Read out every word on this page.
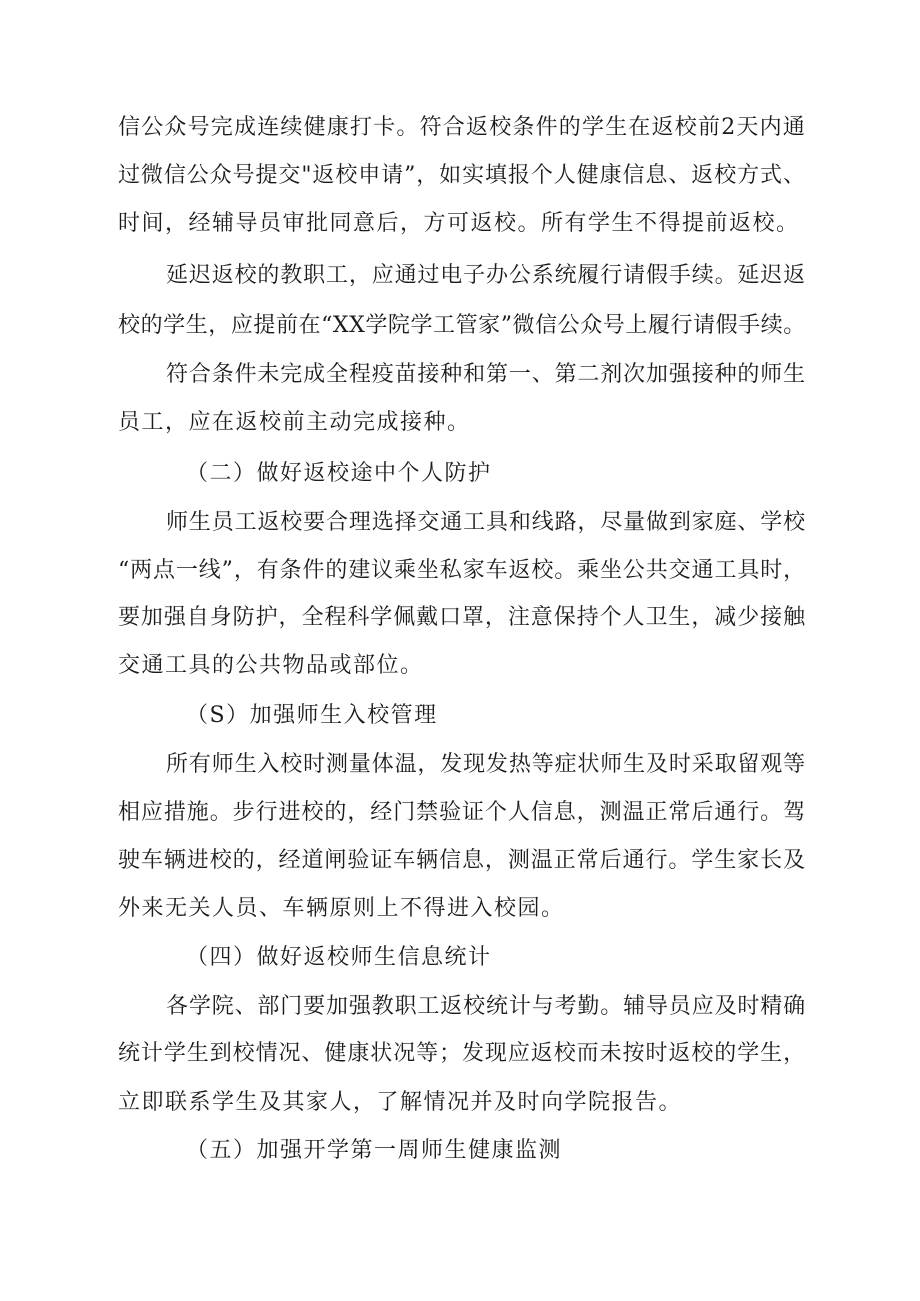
信公众号完成连续健康打卡。符合返校条件的学生在返校前2天内通
过微信公众号提交"返校申请”，如实填报个人健康信息、返校方式、
时间，经辅导员审批同意后，方可返校。所有学生不得提前返校。
延迟返校的教职工，应通过电子办公系统履行请假手续。延迟返
校的学生，应提前在“XX学院学工管家”微信公众号上履行请假手续。
符合条件未完成全程疫苗接种和第一、第二剂次加强接种的师生
员工，应在返校前主动完成接种。
（二）做好返校途中个人防护
师生员工返校要合理选择交通工具和线路，尽量做到家庭、学校
“两点一线”，有条件的建议乘坐私家车返校。乘坐公共交通工具时，
要加强自身防护，全程科学佩戴口罩，注意保持个人卫生，减少接触
交通工具的公共物品或部位。
（S）加强师生入校管理
所有师生入校时测量体温，发现发热等症状师生及时采取留观等
相应措施。步行进校的，经门禁验证个人信息，测温正常后通行。驾
驶车辆进校的，经道闸验证车辆信息，测温正常后通行。学生家长及
外来无关人员、车辆原则上不得进入校园。
（四）做好返校师生信息统计
各学院、部门要加强教职工返校统计与考勤。辅导员应及时精确
统计学生到校情况、健康状况等；发现应返校而未按时返校的学生，
立即联系学生及其家人，了解情况并及时向学院报告。
（五）加强开学第一周师生健康监测
